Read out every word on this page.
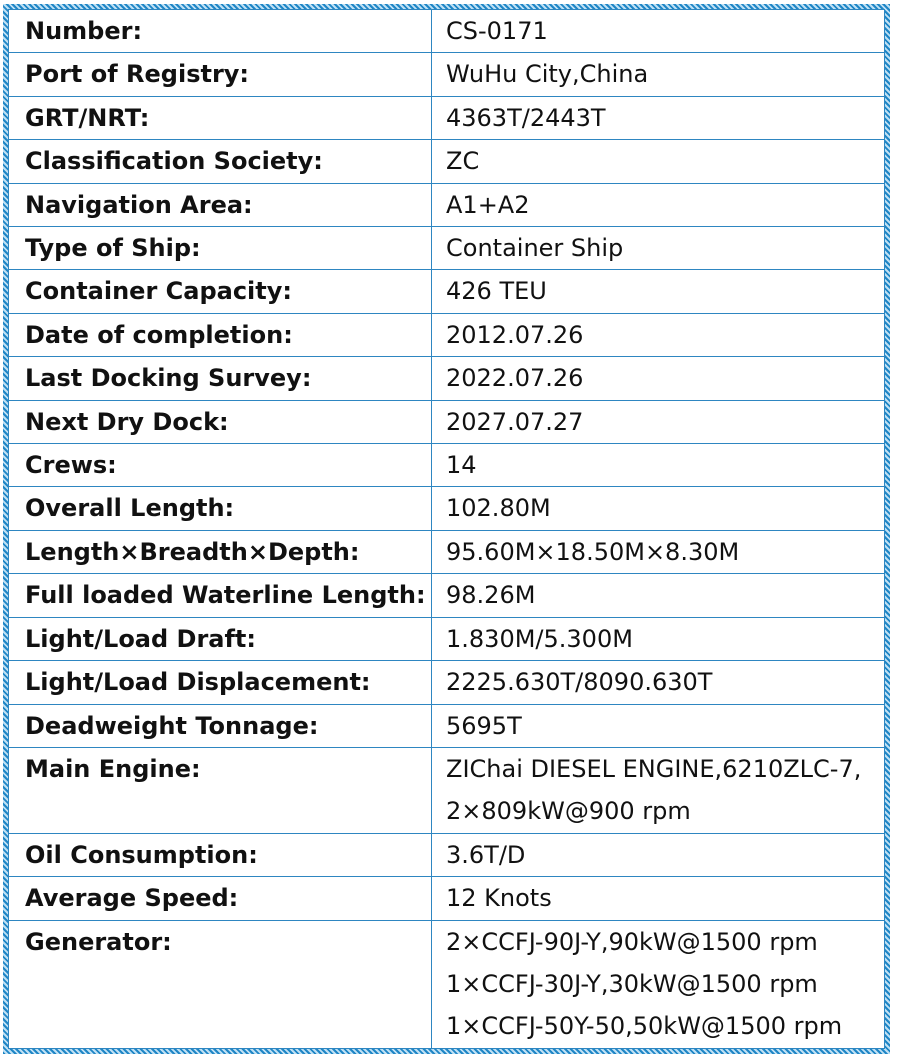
Number:	CS-0171

Port of Registry:	WuHu City,China

GRT/NRT:	4363T/2443T

Classification Society:	ZC

Navigation Area:	A1+A2

Type of Ship:	Container Ship

Container Capacity:	426 TEU

Date of completion:	2012.07.26

Last Docking Survey:	2022.07.26

Next Dry Dock:	2027.07.27

Crews:	14

Overall Length:	102.80M

Length×Breadth×Depth:	95.60M×18.50M×8.30M

Full loaded Waterline Length:	98.26M

Light/Load Draft:	1.830M/5.300M

Light/Load Displacement:	2225.630T/8090.630T

Deadweight Tonnage:	5695T

Main Engine:	ZIChai DIESEL ENGINE,6210ZLC-7,
2×809kW@900 rpm

Oil Consumption:	3.6T/D

Average Speed:	12 Knots

Generator:	2×CCFJ-90J-Y,90kW@1500 rpm
1×CCFJ-30J-Y,30kW@1500 rpm
1×CCFJ-50Y-50,50kW@1500 rpm
